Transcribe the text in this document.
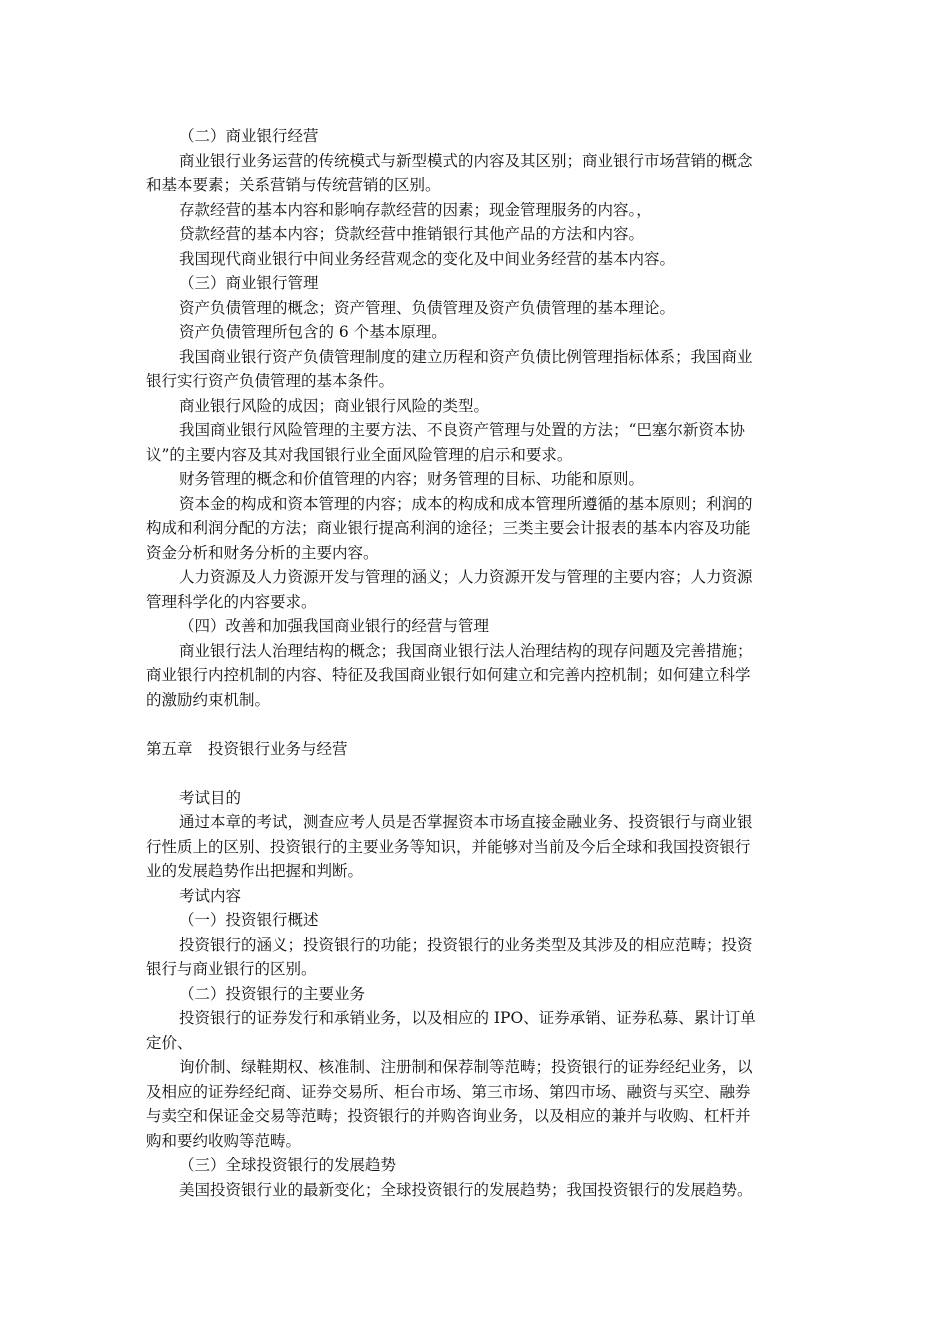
（二）商业银行经营
商业银行业务运营的传统模式与新型模式的内容及其区别；商业银行市场营销的概念
和基本要素；关系营销与传统营销的区别。
存款经营的基本内容和影响存款经营的因素；现金管理服务的内容。，
贷款经营的基本内容；贷款经营中推销银行其他产品的方法和内容。
我国现代商业银行中间业务经营观念的变化及中间业务经营的基本内容。
（三）商业银行管理
资产负债管理的概念；资产管理、负债管理及资产负债管理的基本理论。
资产负债管理所包含的 6 个基本原理。
我国商业银行资产负债管理制度的建立历程和资产负债比例管理指标体系；我国商业
银行实行资产负债管理的基本条件。
商业银行风险的成因；商业银行风险的类型。
我国商业银行风险管理的主要方法、不良资产管理与处置的方法；“巴塞尔新资本协
议”的主要内容及其对我国银行业全面风险管理的启示和要求。
财务管理的概念和价值管理的内容；财务管理的目标、功能和原则。
资本金的构成和资本管理的内容；成本的构成和成本管理所遵循的基本原则；利润的
构成和利润分配的方法；商业银行提高利润的途径；三类主要会计报表的基本内容及功能
资金分析和财务分析的主要内容。
人力资源及人力资源开发与管理的涵义；人力资源开发与管理的主要内容；人力资源
管理科学化的内容要求。
（四）改善和加强我国商业银行的经营与管理
商业银行法人治理结构的概念；我国商业银行法人治理结构的现存问题及完善措施；
商业银行内控机制的内容、特征及我国商业银行如何建立和完善内控机制；如何建立科学
的激励约束机制。
第五章　投资银行业务与经营
考试目的
通过本章的考试，测查应考人员是否掌握资本市场直接金融业务、投资银行与商业银
行性质上的区别、投资银行的主要业务等知识，并能够对当前及今后全球和我国投资银行
业的发展趋势作出把握和判断。
考试内容
（一）投资银行概述
投资银行的涵义；投资银行的功能；投资银行的业务类型及其涉及的相应范畴；投资
银行与商业银行的区别。
（二）投资银行的主要业务
投资银行的证券发行和承销业务，以及相应的 IPO、证券承销、证券私募、累计订单
定价、
询价制、绿鞋期权、核准制、注册制和保荐制等范畴；投资银行的证券经纪业务，以
及相应的证券经纪商、证券交易所、柜台市场、第三市场、第四市场、融资与买空、融券
与卖空和保证金交易等范畴；投资银行的并购咨询业务，以及相应的兼并与收购、杠杆并
购和要约收购等范畴。
（三）全球投资银行的发展趋势
美国投资银行业的最新变化；全球投资银行的发展趋势；我国投资银行的发展趋势。
